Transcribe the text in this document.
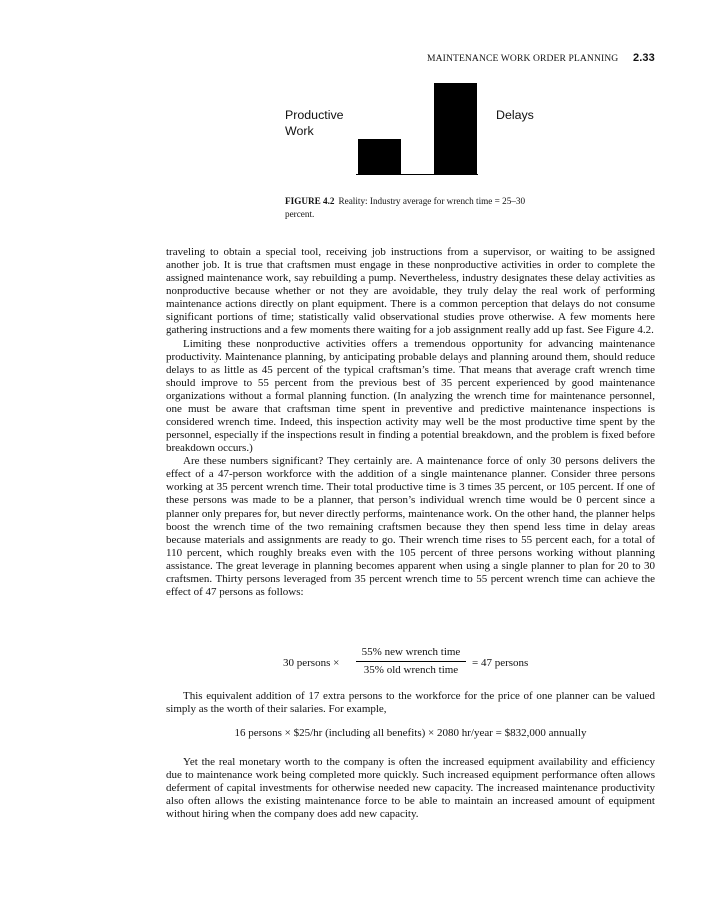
MAINTENANCE WORK ORDER PLANNING 2.33
Productive Work
Delays
FIGURE 4.2 Reality: Industry average for wrench time = 25–30 percent.

traveling to obtain a special tool, receiving job instructions from a supervisor, or waiting to be assigned another job. It is true that craftsmen must engage in these nonproductive activities in order to complete the assigned maintenance work, say rebuilding a pump. Nevertheless, industry designates these delay activities as nonproductive because whether or not they are avoidable, they truly delay the real work of performing maintenance actions directly on plant equipment. There is a common perception that delays do not consume significant portions of time; statistically valid observational studies prove otherwise. A few moments here gathering instructions and a few moments there waiting for a job assignment really add up fast. See Figure 4.2.

Limiting these nonproductive activities offers a tremendous opportunity for advancing maintenance productivity. Maintenance planning, by anticipating probable delays and planning around them, should reduce delays to as little as 45 percent of the typical craftsman’s time. That means that average craft wrench time should improve to 55 percent from the previous best of 35 percent experienced by good maintenance organizations without a formal planning function. (In analyzing the wrench time for maintenance personnel, one must be aware that craftsman time spent in preventive and predictive maintenance inspections is considered wrench time. Indeed, this inspection activity may well be the most productive time spent by the personnel, especially if the inspections result in finding a potential breakdown, and the problem is fixed before breakdown occurs.)

Are these numbers significant? They certainly are. A maintenance force of only 30 persons delivers the effect of a 47-person workforce with the addition of a single maintenance planner. Consider three persons working at 35 percent wrench time. Their total productive time is 3 times 35 percent, or 105 percent. If one of these persons was made to be a planner, that person’s individual wrench time would be 0 percent since a planner only prepares for, but never directly performs, maintenance work. On the other hand, the planner helps boost the wrench time of the two remaining craftsmen because they then spend less time in delay areas because materials and assignments are ready to go. Their wrench time rises to 55 percent each, for a total of 110 percent, which roughly breaks even with the 105 percent of three persons working without planning assistance. The great leverage in planning becomes apparent when using a single planner to plan for 20 to 30 craftsmen. Thirty persons leveraged from 35 percent wrench time to 55 percent wrench time can achieve the effect of 47 persons as follows:

30 persons ×
55% new wrench time
35% old wrench time
= 47 persons

This equivalent addition of 17 extra persons to the workforce for the price of one planner can be valued simply as the worth of their salaries. For example,

16 persons × $25/hr (including all benefits) × 2080 hr/year = $832,000 annually

Yet the real monetary worth to the company is often the increased equipment availability and efficiency due to maintenance work being completed more quickly. Such increased equipment performance often allows deferment of capital investments for otherwise needed new capacity. The increased maintenance productivity also often allows the existing maintenance force to be able to maintain an increased amount of equipment without hiring when the company does add new capacity.
